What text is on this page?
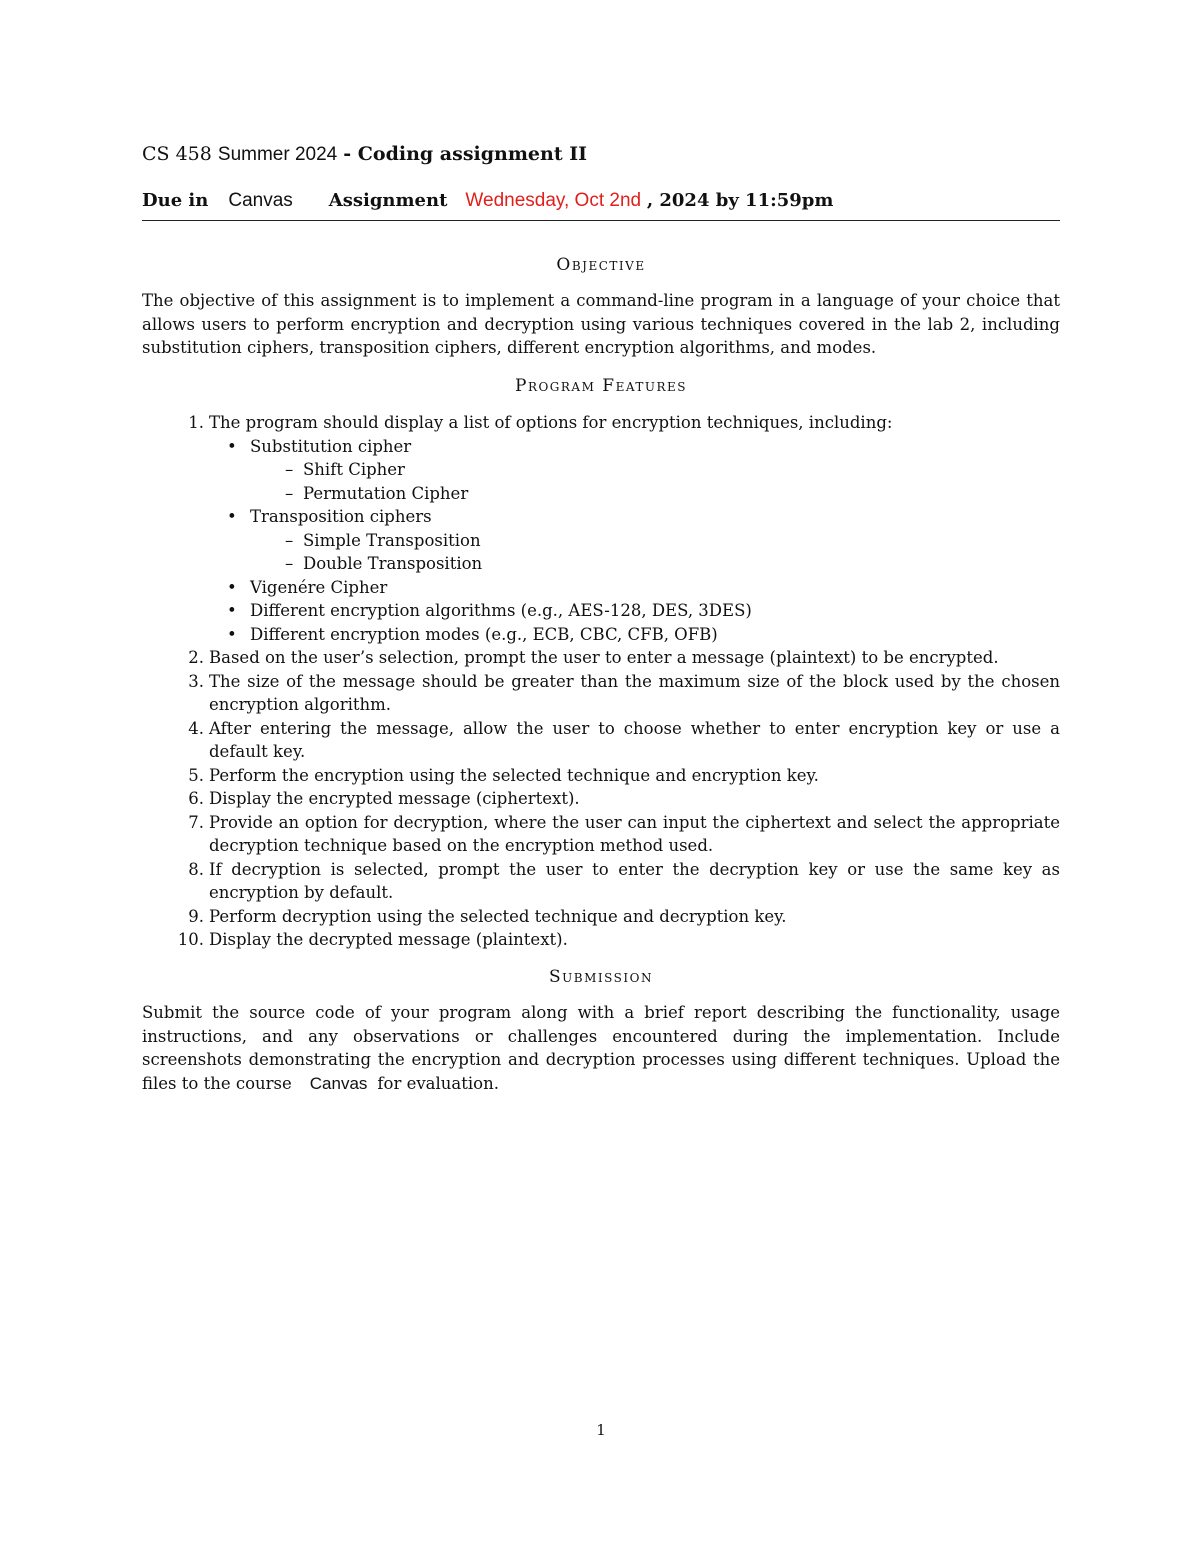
CS 458 Summer 2024 - Coding assignment II
Due in Canvas Assignment Wednesday, Oct 2nd , 2024 by 11:59pm
Objective
The objective of this assignment is to implement a command-line program in a language of your choice that allows users to perform encryption and decryption using various techniques covered in the lab 2, including substitution ciphers, transposition ciphers, different encryption algorithms, and modes.
Program Features
1. The program should display a list of options for encryption techniques, including:
• Substitution cipher
– Shift Cipher
– Permutation Cipher
• Transposition ciphers
– Simple Transposition
– Double Transposition
• Vigenére Cipher
• Different encryption algorithms (e.g., AES-128, DES, 3DES)
• Different encryption modes (e.g., ECB, CBC, CFB, OFB)
2. Based on the user’s selection, prompt the user to enter a message (plaintext) to be encrypted.
3. The size of the message should be greater than the maximum size of the block used by the chosen encryption algorithm.
4. After entering the message, allow the user to choose whether to enter encryption key or use a default key.
5. Perform the encryption using the selected technique and encryption key.
6. Display the encrypted message (ciphertext).
7. Provide an option for decryption, where the user can input the ciphertext and select the appropriate decryption technique based on the encryption method used.
8. If decryption is selected, prompt the user to enter the decryption key or use the same key as encryption by default.
9. Perform decryption using the selected technique and decryption key.
10. Display the decrypted message (plaintext).
Submission
Submit the source code of your program along with a brief report describing the functionality, usage instructions, and any observations or challenges encountered during the implementation. Include screenshots demonstrating the encryption and decryption processes using different techniques. Upload the files to the course Canvas for evaluation.
1
